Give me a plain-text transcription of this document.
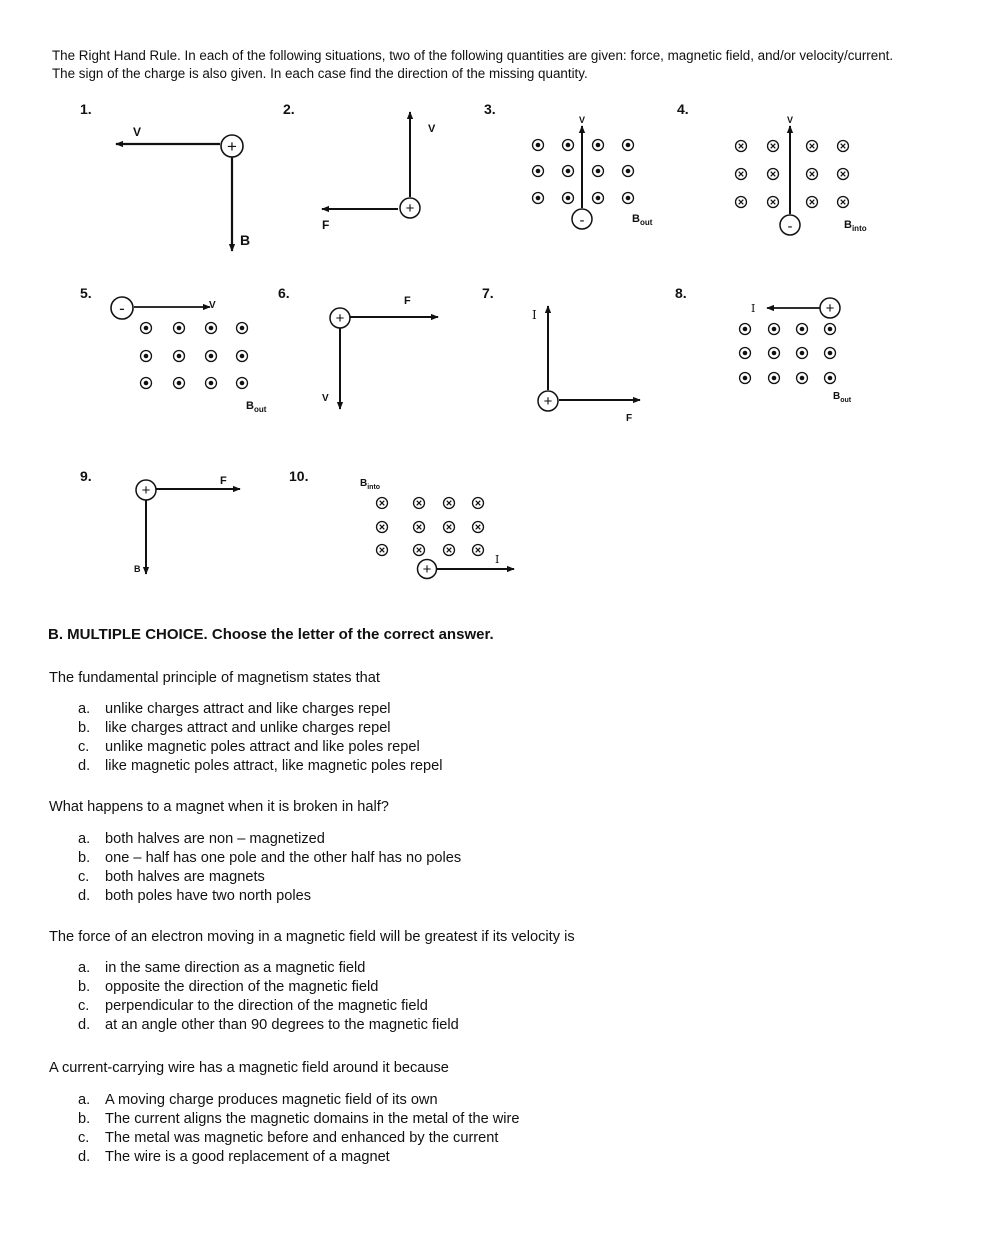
The Right Hand Rule. In each of the following situations, two of the following quantities are given: force, magnetic field, and/or velocity/current. The sign of the charge is also given. In each case find the direction of the missing quantity.
1.
+
V
B
2.
+
V
F
3.
-
V
$B_{out}$
4.
-
V
$B_{into}$
5.
-	V
$B_{out}$
6.
+
F
V
7.
+
I
F
8.
+
I
$B_{out}$
9.
+
F
B
10.	$B_{into}$
+
I
B. MULTIPLE CHOICE. Choose the letter of the correct answer.
The fundamental principle of magnetism states that
a. unlike charges attract and like charges repel
b. like charges attract and unlike charges repel
c. unlike magnetic poles attract and like poles repel
d. like magnetic poles attract, like magnetic poles repel
What happens to a magnet when it is broken in half?
a. both halves are non – magnetized
b. one – half has one pole and the other half has no poles
c. both halves are magnets
d. both poles have two north poles
The force of an electron moving in a magnetic field will be greatest if its velocity is
a. in the same direction as a magnetic field
b. opposite the direction of the magnetic field
c. perpendicular to the direction of the magnetic field
d. at an angle other than 90 degrees to the magnetic field
A current-carrying wire has a magnetic field around it because
a. A moving charge produces magnetic field of its own
b. The current aligns the magnetic domains in the metal of the wire
c. The metal was magnetic before and enhanced by the current
d. The wire is a good replacement of a magnet
